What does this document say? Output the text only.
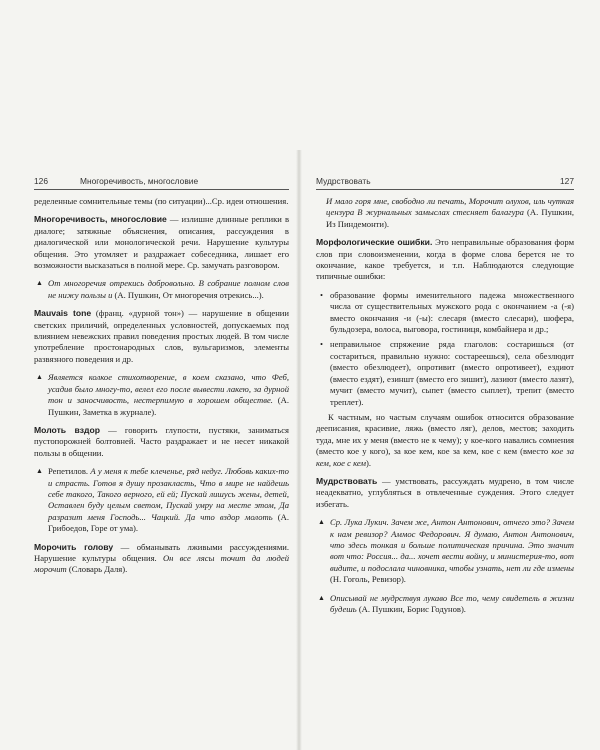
126	Многоречивость, многословие	Мудрствовать	127

ределенные сомнительные темы (по ситуации)...Ср. идеи отношения.

Многоречивость, многословие — излишне длинные реплики в диалоге; затяжные объяснения, описания, рассуждения в диалогической или монологической речи. Нарушение культуры общения. Это утомляет и раздражает собеседника, лишает его возможности высказаться в полной мере. Ср. замучать разговором.

▲ От многоречия отрекись добровольно. В собрание полном слов не нижу пользы и (А. Пушкин, От многоречия отрекись...).

Mauvais tone (франц. «дурной тон») — нарушение в общении светских приличий, определенных условностей, допускаемых под влиянием невежских правил поведения простых людей. В том числе употребление простонародных слов, вульгаризмов, элементы развязного поведения и др.

▲ Является колкое стихотворение, в коем сказано, что Феб, усадив было многу-то, велел его после вывести лакею, за дурной тон и заносчивость, нестерпимую в хорошем обществе. (А. Пушкин, Заметка в журнале).

Молоть вздор — говорить глупости, пустяки, заниматься пустопорожней болтовней. Часто раздражает и не несет никакой пользы в общении.

▲ Репетилов. А у меня к тебе клеченье, ряд недуг. Любовь каких-то и страсть. Готов я душу прозакласть, Что в мире не найдешь себе такого, Такого верного, ей ей; Пускай лишусь жены, детей, Оставлен буду целым светом, Пускай умру на месте этом, Да разразит меня Господь... Чацкий. Да что вздор молоть (А. Грибоедов, Горе от ума).

Морочить голову — обманывать лживыми рассуждениями. Нарушение культуры общения. Он все лясы точит да людей морочит (Словарь Даля).

И мало горя мне, свободно ли печать, Морочит олухов, иль чуткая цензура В журнальных замыслах стесняет балагура (А. Пушкин, Из Пиндемонти).

Морфологические ошибки. Это неправильные образования форм слов при словоизменении, когда в форме слова берется не то окончание, какое требуется, и т.п. Наблюдаются следующие типичные ошибки:

• образование формы именительного падежа множественного числа от существительных мужского рода с окончанием -а (-я) вместо окончания -и (-ы): слесаря (вместо слесари), шофера, бульдозера, волоса, выговора, гостиниця, комбайнера и др.;
• неправильное спряжение ряда глаголов: состаришься (от состариться, правильно нужно: состареешься), села обезлюдит (вместо обезлюдеет), опротивит (вместо опротивеет), ездиют (вместо ездят), езиншт (вместо его зишит), лазиют (вместо лазят), мучит (вместо мучит), сыпет (вместо сыплет), трепит (вместо треплет).

К частным, но частым случаям ошибок относится образование дееписания, красивие, ляжь (вместо ляг), делов, местов; заходить туда, мне их у меня (вместо не к чему); у кое-кого навались сомнения (вместо кое у кого), за кое кем, кое за кем, кое с кем (вместо кое за кем, кое с кем).

Мудрствовать — умствовать, рассуждать мудрено, в том числе неадекватно, углубляться в отвлеченные суждения. Этого следует избегать.

▲ Ср. Лука Лукич. Зачем же, Антон Антонович, отчего это? Зачем к нам ревизор? Аммос Федорович. Я думаю, Антон Антонович, что здесь тонкая и больше политическая причина. Это значит вот что: Россия... да... хочет вести войну, и министерия-то, вот видите, и подослала чиновника, чтобы узнать, нет ли где измены (Н. Гоголь, Ревизор).
▲ Описывай не мудрствуя лукаво Все то, чему свидетель в жизни будешь (А. Пушкин, Борис Годунов).
